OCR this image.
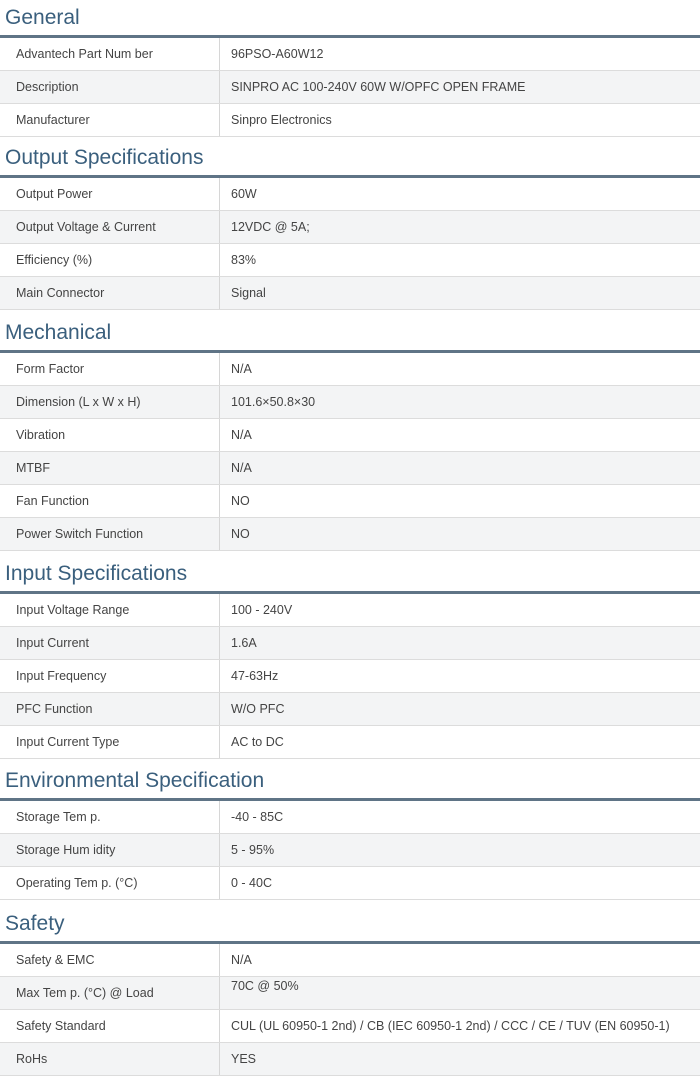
General
Advantech Part Num ber	96PSO-A60W12
Description	SINPRO AC 100-240V 60W W/OPFC OPEN FRAME
Manufacturer	Sinpro Electronics
Output Specifications
Output Power	60W
Output Voltage & Current	12VDC @ 5A;
Efficiency (%)	83%
Main Connector	Signal
Mechanical
Form Factor	N/A
Dimension (L x W x H)	101.6×50.8×30
Vibration	N/A
MTBF	N/A
Fan Function	NO
Power Switch Function	NO
Input Specifications
Input Voltage Range	100 - 240V
Input Current	1.6A
Input Frequency	47-63Hz
PFC Function	W/O PFC
Input Current Type	AC to DC
Environmental Specification
Storage Tem p.	-40 - 85C
Storage Hum idity	5 - 95%
Operating Tem p. (°C)	0 - 40C
Safety
Safety & EMC	N/A
Max Tem p. (°C) @ Load	70C @ 50%
Safety Standard	CUL (UL 60950-1 2nd) / CB (IEC 60950-1 2nd) / CCC / CE / TUV (EN 60950-1)
RoHs	YES
